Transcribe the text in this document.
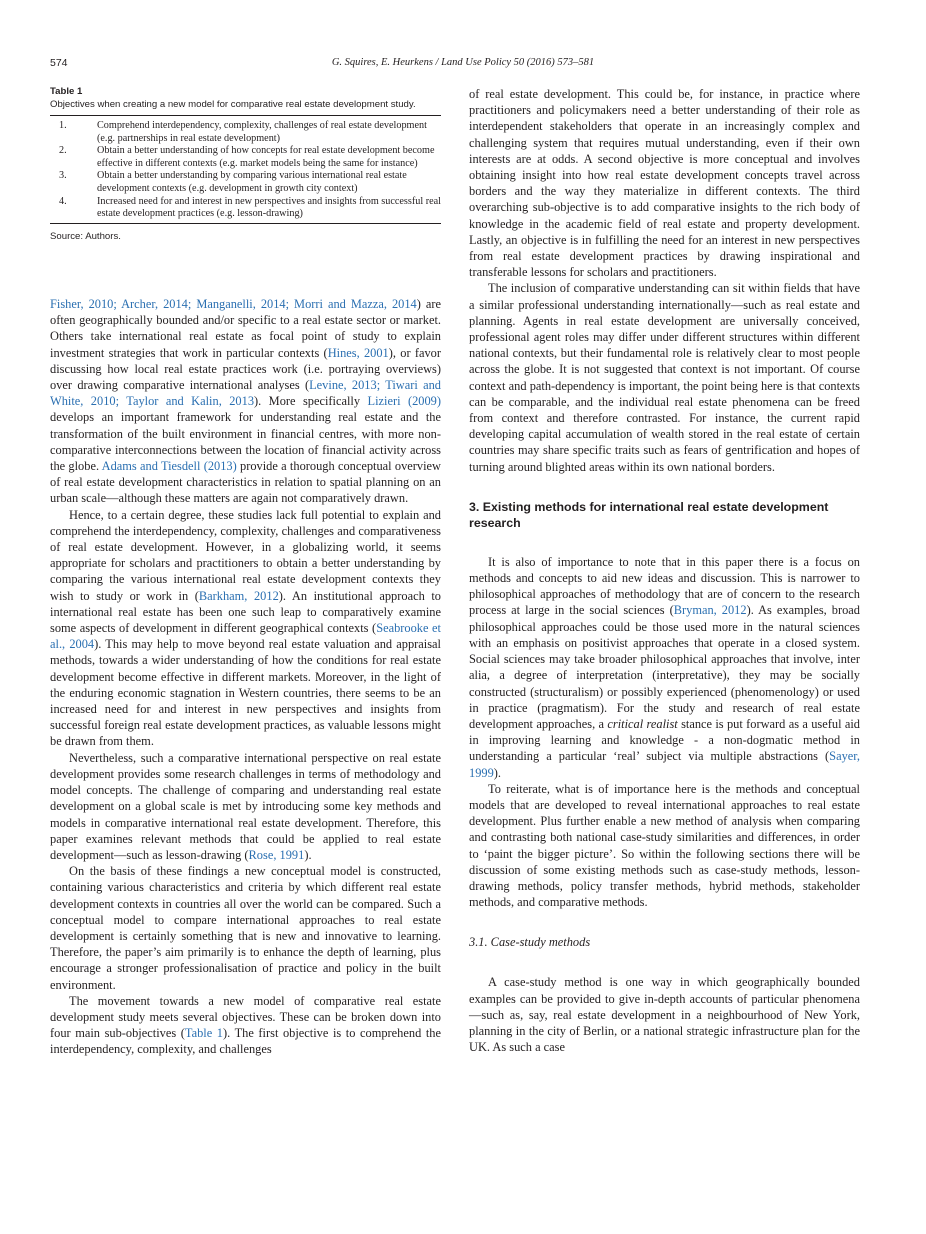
574	G. Squires, E. Heurkens / Land Use Policy 50 (2016) 573–581
Table 1
Objectives when creating a new model for comparative real estate development study.
1.	Comprehend interdependency, complexity, challenges of real estate development (e.g. partnerships in real estate development)
2.	Obtain a better understanding of how concepts for real estate development become effective in different contexts (e.g. market models being the same for instance)
3.	Obtain a better understanding by comparing various international real estate development contexts (e.g. development in growth city context)
4.	Increased need for and interest in new perspectives and insights from successful real estate development practices (e.g. lesson-drawing)
Source: Authors.

Fisher, 2010; Archer, 2014; Manganelli, 2014; Morri and Mazza, 2014) are often geographically bounded and/or specific to a real estate sector or market. Others take international real estate as focal point of study to explain investment strategies that work in particular contexts (Hines, 2001), or favor discussing how local real estate practices work (i.e. portraying overviews) over drawing comparative international analyses (Levine, 2013; Tiwari and White, 2010; Taylor and Kalin, 2013). More specifically Lizieri (2009) develops an important framework for understanding real estate and the transformation of the built environment in financial centres, with more non-comparative interconnections between the location of financial activity across the globe. Adams and Tiesdell (2013) provide a thorough conceptual overview of real estate development characteristics in relation to spatial planning on an urban scale—although these matters are again not comparatively drawn.

Hence, to a certain degree, these studies lack full potential to explain and comprehend the interdependency, complexity, challenges and comparativeness of real estate development. However, in a globalizing world, it seems appropriate for scholars and practitioners to obtain a better understanding by comparing the various international real estate development contexts they wish to study or work in (Barkham, 2012). An institutional approach to international real estate has been one such leap to comparatively examine some aspects of development in different geographical contexts (Seabrooke et al., 2004). This may help to move beyond real estate valuation and appraisal methods, towards a wider understanding of how the conditions for real estate development become effective in different markets. Moreover, in the light of the enduring economic stagnation in Western countries, there seems to be an increased need for and interest in new perspectives and insights from successful foreign real estate development practices, as valuable lessons might be drawn from them.

Nevertheless, such a comparative international perspective on real estate development provides some research challenges in terms of methodology and model concepts. The challenge of comparing and understanding real estate development on a global scale is met by introducing some key methods and models in comparative international real estate development. Therefore, this paper examines relevant methods that could be applied to real estate development—such as lesson-drawing (Rose, 1991).

On the basis of these findings a new conceptual model is constructed, containing various characteristics and criteria by which different real estate development contexts in countries all over the world can be compared. Such a conceptual model to compare international approaches to real estate development is certainly something that is new and innovative to learning. Therefore, the paper’s aim primarily is to enhance the depth of learning, plus encourage a stronger professionalisation of practice and policy in the built environment.

The movement towards a new model of comparative real estate development study meets several objectives. These can be broken down into four main sub-objectives (Table 1). The first objective is to comprehend the interdependency, complexity, and challenges

of real estate development. This could be, for instance, in practice where practitioners and policymakers need a better understanding of their role as interdependent stakeholders that operate in an increasingly complex and challenging system that requires mutual understanding, even if their own interests are at odds. A second objective is more conceptual and involves obtaining insight into how real estate development concepts travel across borders and the way they materialize in different contexts. The third overarching sub-objective is to add comparative insights to the rich body of knowledge in the academic field of real estate and property development. Lastly, an objective is in fulfilling the need for an interest in new perspectives from real estate development practices by drawing inspirational and transferable lessons for scholars and practitioners.

The inclusion of comparative understanding can sit within fields that have a similar professional understanding internationally—such as real estate and planning. Agents in real estate development are universally conceived, professional agent roles may differ under different structures within different national contexts, but their fundamental role is relatively clear to most people across the globe. It is not suggested that context is not important. Of course context and path-dependency is important, the point being here is that contexts can be comparable, and the individual real estate phenomena can be freed from context and therefore contrasted. For instance, the current rapid developing capital accumulation of wealth stored in the real estate of certain countries may share specific traits such as fears of gentrification and hopes of turning around blighted areas within its own national borders.

3. Existing methods for international real estate development research

It is also of importance to note that in this paper there is a focus on methods and concepts to aid new ideas and discussion. This is narrower to philosophical approaches of methodology that are of concern to the research process at large in the social sciences (Bryman, 2012). As examples, broad philosophical approaches could be those used more in the natural sciences with an emphasis on positivist approaches that operate in a closed system. Social sciences may take broader philosophical approaches that involve, inter alia, a degree of interpretation (interpretative), they may be socially constructed (structuralism) or possibly experienced (phenomenology) or used in practice (pragmatism). For the study and research of real estate development approaches, a critical realist stance is put forward as a useful aid in improving learning and knowledge - a non-dogmatic method in understanding a particular ‘real’ subject via multiple abstractions (Sayer, 1999).

To reiterate, what is of importance here is the methods and conceptual models that are developed to reveal international approaches to real estate development. Plus further enable a new method of analysis when comparing and contrasting both national case-study similarities and differences, in order to ‘paint the bigger picture’. So within the following sections there will be discussion of some existing methods such as case-study methods, lesson-drawing methods, policy transfer methods, hybrid methods, stakeholder methods, and comparative methods.

3.1. Case-study methods

A case-study method is one way in which geographically bounded examples can be provided to give in-depth accounts of particular phenomena—such as, say, real estate development in a neighbourhood of New York, planning in the city of Berlin, or a national strategic infrastructure plan for the UK. As such a case
